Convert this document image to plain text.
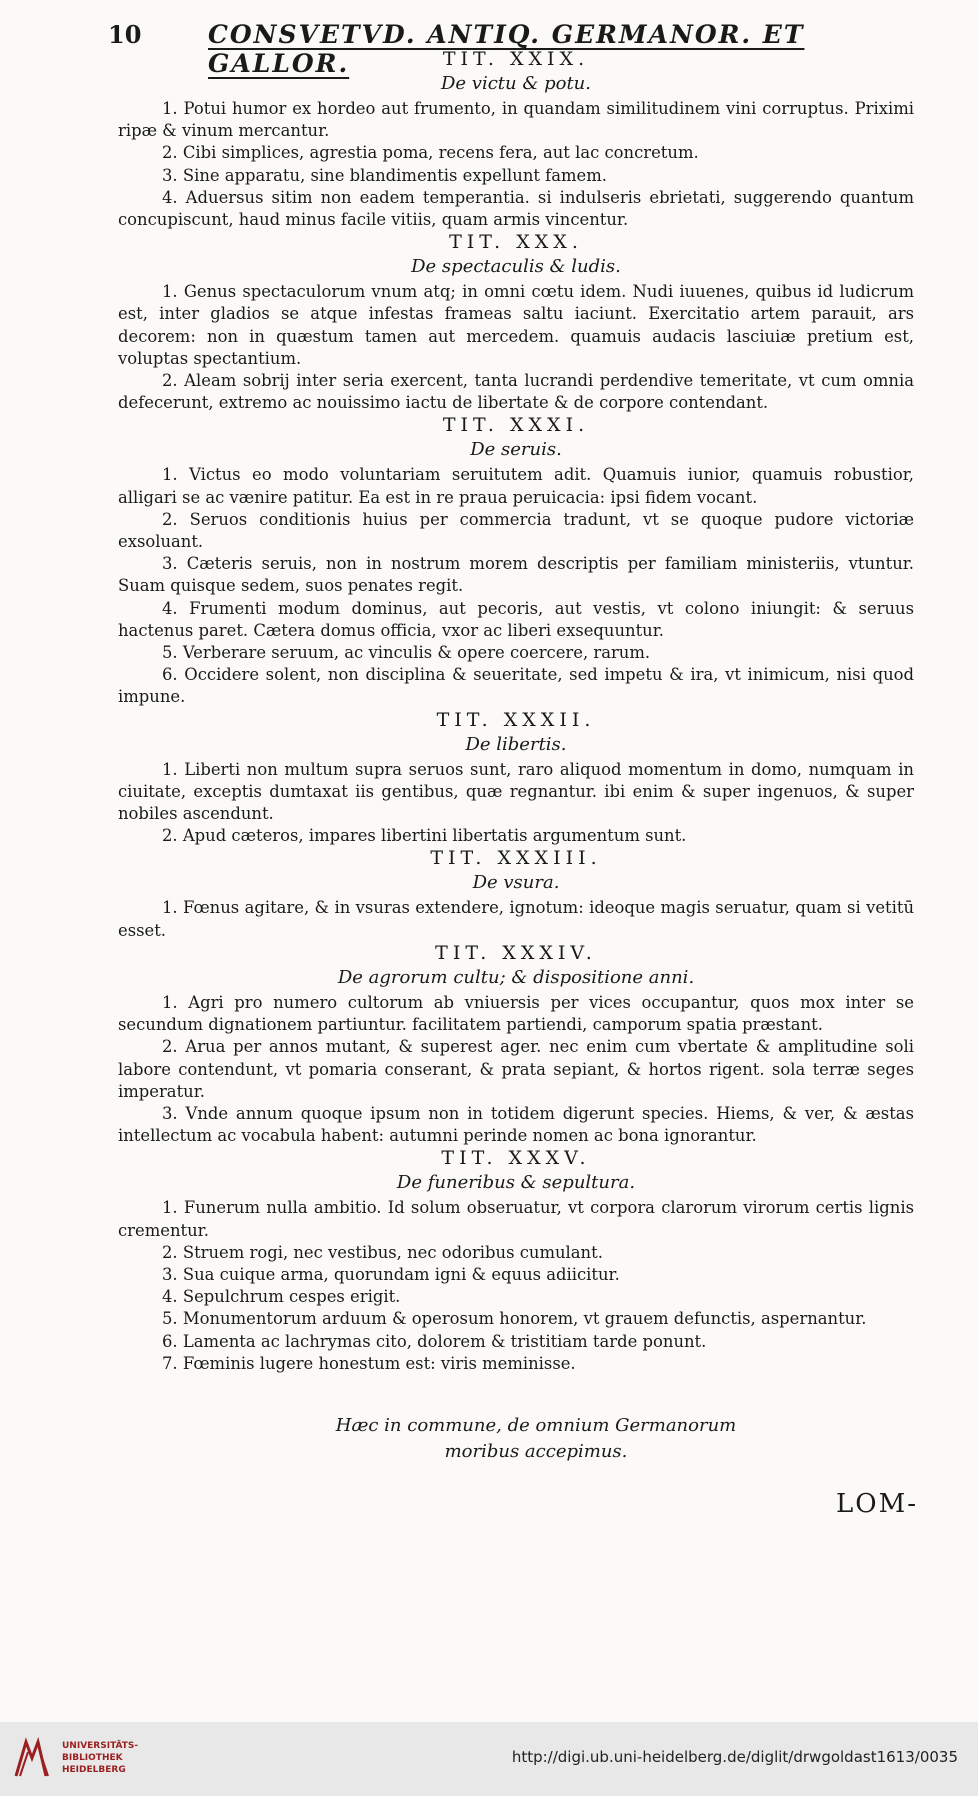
10	CONSVETVD. ANTIQ. GERMANOR. ET GALLOR.	TIT. XXIX.
De victu & potu.

1. Potui humor ex hordeo aut frumento, in quandam similitudinem vini corruptus. Priximi ripæ & vinum mercantur.

2. Cibi simplices, agrestia poma, recens fera, aut lac concretum.

3. Sine apparatu, sine blandimentis expellunt famem.

4. Aduersus sitim non eadem temperantia. si indulseris ebrietati, suggerendo quantum concupiscunt, haud minus facile vitiis, quam armis vincentur.

TIT. XXX.
De spectaculis & ludis.

1. Genus spectaculorum vnum atq; in omni cœtu idem. Nudi iuuenes, quibus id ludicrum est, inter gladios se atque infestas frameas saltu iaciunt. Exercitatio artem parauit, ars decorem: non in quæstum tamen aut mercedem. quamuis audacis lasciuiæ pretium est, voluptas spectantium.

2. Aleam sobrij inter seria exercent, tanta lucrandi perdendive temeritate, vt cum omnia defecerunt, extremo ac nouissimo iactu de libertate & de corpore contendant.

TIT. XXXI.
De seruis.

1. Victus eo modo voluntariam seruitutem adit. Quamuis iunior, quamuis robustior, alligari se ac vænire patitur. Ea est in re praua peruicacia: ipsi fidem vocant.

2. Seruos conditionis huius per commercia tradunt, vt se quoque pudore victoriæ exsoluant.

3. Cæteris seruis, non in nostrum morem descriptis per familiam ministeriis, vtuntur. Suam quisque sedem, suos penates regit.

4. Frumenti modum dominus, aut pecoris, aut vestis, vt colono iniungit: & seruus hactenus paret. Cætera domus officia, vxor ac liberi exsequuntur.

5. Verberare seruum, ac vinculis & opere coercere, rarum.

6. Occidere solent, non disciplina & seueritate, sed impetu & ira, vt inimicum, nisi quod impune.

TIT. XXXII.
De libertis.

1. Liberti non multum supra seruos sunt, raro aliquod momentum in domo, numquam in ciuitate, exceptis dumtaxat iis gentibus, quæ regnantur. ibi enim & super ingenuos, & super nobiles ascendunt.

2. Apud cæteros, impares libertini libertatis argumentum sunt.

TIT. XXXIII.
De vsura.

1. Fœnus agitare, & in vsuras extendere, ignotum: ideoque magis seruatur, quam si vetitū esset.

TIT. XXXIV.
De agrorum cultu; & dispositione anni.

1. Agri pro numero cultorum ab vniuersis per vices occupantur, quos mox inter se secundum dignationem partiuntur. facilitatem partiendi, camporum spatia præstant.

2. Arua per annos mutant, & superest ager. nec enim cum vbertate & amplitudine soli labore contendunt, vt pomaria conserant, & prata sepiant, & hortos rigent. sola terræ seges imperatur.

3. Vnde annum quoque ipsum non in totidem digerunt species. Hiems, & ver, & æstas intellectum ac vocabula habent: autumni perinde nomen ac bona ignorantur.

TIT. XXXV.
De funeribus & sepultura.

1. Funerum nulla ambitio. Id solum obseruatur, vt corpora clarorum virorum certis lignis crementur.

2. Struem rogi, nec vestibus, nec odoribus cumulant.

3. Sua cuique arma, quorundam igni & equus adiicitur.

4. Sepulchrum cespes erigit.

5. Monumentorum arduum & operosum honorem, vt grauem defunctis, aspernantur.

6. Lamenta ac lachrymas cito, dolorem & tristitiam tarde ponunt.

7. Fœminis lugere honestum est: viris meminisse.

Hæc in commune, de omnium Germanorum
moribus accepimus.
LOM-
UNIVERSITÄTS-
BIBLIOTHEK
HEIDELBERG
http://digi.ub.uni-heidelberg.de/diglit/drwgoldast1613/0035
